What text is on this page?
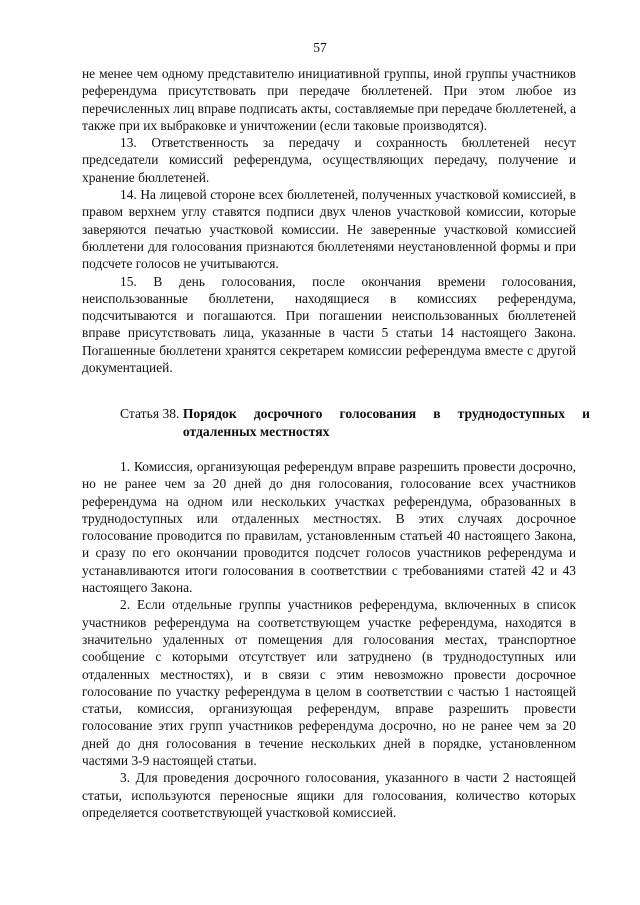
57

не менее чем одному представителю инициативной группы, иной группы участников референдума присутствовать при передаче бюллетеней. При этом любое из перечисленных лиц вправе подписать акты, составляемые при передаче бюллетеней, а также при их выбраковке и уничтожении (если таковые производятся).

13. Ответственность за передачу и сохранность бюллетеней несут председатели комиссий референдума, осуществляющих передачу, получение и хранение бюллетеней.

14. На лицевой стороне всех бюллетеней, полученных участковой комиссией, в правом верхнем углу ставятся подписи двух членов участковой комиссии, которые заверяются печатью участковой комиссии. Не заверенные участковой комиссией бюллетени для голосования признаются бюллетенями неустановленной формы и при подсчете голосов не учитываются.

15. В день голосования, после окончания времени голосования, неиспользованные бюллетени, находящиеся в комиссиях референдума, подсчитываются и погашаются. При погашении неиспользованных бюллетеней вправе присутствовать лица, указанные в части 5 статьи 14 настоящего Закона. Погашенные бюллетени хранятся секретарем комиссии референдума вместе с другой документацией.

Статья 38. Порядок досрочного голосования в труднодоступных и отдаленных местностях

1. Комиссия, организующая референдум вправе разрешить провести досрочно, но не ранее чем за 20 дней до дня голосования, голосование всех участников референдума на одном или нескольких участках референдума, образованных в труднодоступных или отдаленных местностях. В этих случаях досрочное голосование проводится по правилам, установленным статьей 40 настоящего Закона, и сразу по его окончании проводится подсчет голосов участников референдума и устанавливаются итоги голосования в соответствии с требованиями статей 42 и 43 настоящего Закона.

2. Если отдельные группы участников референдума, включенных в список участников референдума на соответствующем участке референдума, находятся в значительно удаленных от помещения для голосования местах, транспортное сообщение с которыми отсутствует или затруднено (в труднодоступных или отдаленных местностях), и в связи с этим невозможно провести досрочное голосование по участку референдума в целом в соответствии с частью 1 настоящей статьи, комиссия, организующая референдум, вправе разрешить провести голосование этих групп участников референдума досрочно, но не ранее чем за 20 дней до дня голосования в течение нескольких дней в порядке, установленном частями 3-9 настоящей статьи.

3. Для проведения досрочного голосования, указанного в части 2 настоящей статьи, используются переносные ящики для голосования, количество которых определяется соответствующей участковой комиссией.
